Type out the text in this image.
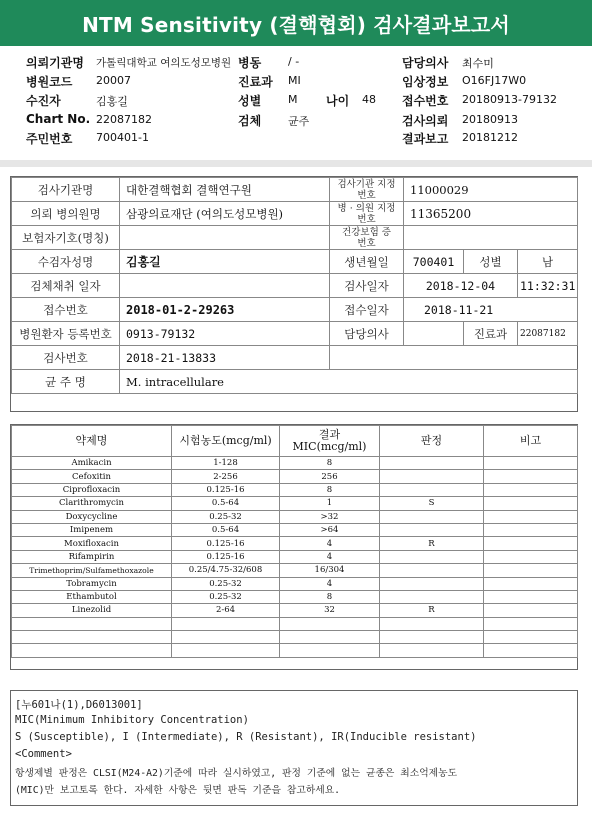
NTM Sensitivity (결핵협회) 검사결과보고서
의뢰기관명 가톨릭대학교 여의도성모병원 병동 / -	담당의사 최수미
병원코드 20007	진료과 MI	임상정보 O16FJ17W0
수진자	김홍길	성별 M 나이 48 접수번호 20180913-79132
Chart No. 22087182	검체 균주	검사의뢰 20180913
주민번호 700401-1	결과보고 20181212
검사기관명	대한결핵협회 결핵연구원	검사기관 지정번호	11000029		
의뢰 병의원명	삼광의료재단 (여의도성모병원)	병 · 의원 지정번호	11365200		
보험자기호(명칭)		건강보험 증 번호			
수검자성명	김홍길	생년월일	700401	성별	남
검체채취 일자		검사일자	2018-12-04		11:32:31
접수번호	2018-01-2-29263	접수일자	2018-11-21		
병원환자 등록번호	0913-79132	담당의사		진료과	22087182
검사번호	2018-21-13833				
균 주 명	M. intracellulare				
약제명	시험농도(mcg/ml)	결과 MIC(mcg/ml)	판정	비고
Amikacin	1-128	8		
Cefoxitin	2-256	256		
Ciprofloxacin	0.125-16	8		
Clarithromycin	0.5-64	1	S	
Doxycycline	0.25-32	>32		
Imipenem	0.5-64	>64		
Moxifloxacin	0.125-16	4	R	
Rifampirin	0.125-16	4		
Trimethoprim/Sulfamethoxazole	0.25/4.75-32/608	16/304		
Tobramycin	0.25-32	4		
Ethambutol	0.25-32	8		
Linezolid	2-64	32	R	

[누601나(1),D6013001]
MIC(Minimum Inhibitory Concentration)
S (Susceptible), I (Intermediate), R (Resistant), IR(Inducible resistant)
<Comment>
항생제별 판정은 CLSI(M24-A2)기준에 따라 실시하였고, 판정 기준에 없는 균종은 최소억제농도
(MIC)만 보고토록 한다. 자세한 사항은 뒷면 판독 기준을 참고하세요.
